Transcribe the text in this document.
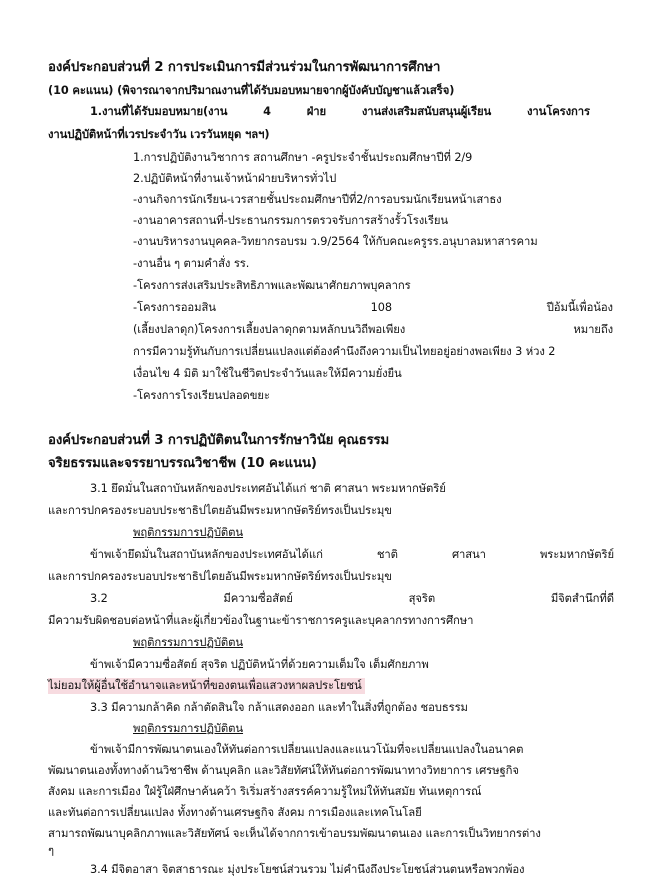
องค์ประกอบส่วนที่ 2 การประเมินการมีส่วนร่วมในการพัฒนาการศึกษา
(10 คะแนน) (พิจารณาจากปริมาณงานที่ได้รับมอบหมายจากผู้บังคับบัญชาแล้วเสร็จ)
1.งานที่ได้รับมอบหมาย(งาน	4	ฝ่าย	งานส่งเสริมสนับสนุนผู้เรียน	งานโครงการ
งานปฏิบัติหน้าที่เวรประจำวัน เวรวันหยุด ฯลฯ)
1.การปฏิบัติงานวิชาการ สถานศึกษา -ครูประจำชั้นประถมศึกษาปีที่ 2/9
2.ปฏิบัติหน้าที่งานเจ้าหน้าฝ่ายบริหารทั่วไป
-งานกิจการนักเรียน-เวรสายชั้นประถมศึกษาปีที่2/การอบรมนักเรียนหน้าเสาธง
-งานอาคารสถานที่-ประธานกรรมการตรวจรับการสร้างรั้วโรงเรียน
-งานบริหารงานบุคคล-วิทยากรอบรม ว.9/2564 ให้กับคณะครูรร.อนุบาลมหาสารคาม
-งานอื่น ๆ ตามคำสั่ง รร.
-โครงการส่งเสริมประสิทธิภาพและพัฒนาศักยภาพบุคลากร
-โครงการออมสิน	108	ปีอ้มนี้เพื่อน้อง
(เลี้ยงปลาดุก)โครงการเลี้ยงปลาดุกตามหลักบนวิถีพอเพียง	หมายถึง
การมีความรู้ทันกับการเปลี่ยนแปลงแต่ต้องคำนึงถึงความเป็นไทยอยู่อย่างพอเพียง 3 ห่วง 2
เงื่อนไข 4 มิติ มาใช้ในชีวิตประจำวันและให้มีความยั่งยืน
-โครงการโรงเรียนปลอดขยะ
องค์ประกอบส่วนที่ 3 การปฏิบัติตนในการรักษาวินัย คุณธรรม
จริยธรรมและจรรยาบรรณวิชาชีพ (10 คะแนน)
3.1 ยึดมั่นในสถาบันหลักของประเทศอันได้แก่ ชาติ ศาสนา พระมหากษัตริย์
และการปกครองระบอบประชาธิปไตยอันมีพระมหากษัตริย์ทรงเป็นประมุข
พฤติกรรมการปฏิบัติตน
ข้าพเจ้ายึดมั่นในสถาบันหลักของประเทศอันได้แก่	ชาติ	ศาสนา	พระมหากษัตริย์
และการปกครองระบอบประชาธิปไตยอันมีพระมหากษัตริย์ทรงเป็นประมุข
3.2	มีความซื่อสัตย์	สุจริต	มีจิตสำนึกที่ดี
มีความรับผิดชอบต่อหน้าที่และผู้เกี่ยวข้องในฐานะข้าราชการครูและบุคลากรทางการศึกษา
พฤติกรรมการปฏิบัติตน
ข้าพเจ้ามีความซื่อสัตย์ สุจริต ปฏิบัติหน้าที่ด้วยความเต็มใจ เต็มศักยภาพ
ไม่ยอมให้ผู้อื่นใช้อำนาจและหน้าที่ของตนเพื่อแสวงหาผลประโยชน์
3.3 มีความกล้าคิด กล้าตัดสินใจ กล้าแสดงออก และทำในสิ่งที่ถูกต้อง ชอบธรรม
พฤติกรรมการปฏิบัติตน
ข้าพเจ้ามีการพัฒนาตนเองให้ทันต่อการเปลี่ยนแปลงและแนวโน้มที่จะเปลี่ยนแปลงในอนาคต
พัฒนาตนเองทั้งทางด้านวิชาชีพ ด้านบุคลิก และวิสัยทัศน์ให้ทันต่อการพัฒนาทางวิทยาการ เศรษฐกิจ
สังคม และการเมือง ใฝ่รู้ใฝ่ศึกษาค้นคว้า ริเริ่มสร้างสรรค์ความรู้ใหม่ให้ทันสมัย ทันเหตุการณ์
และทันต่อการเปลี่ยนแปลง ทั้งทางด้านเศรษฐกิจ สังคม การเมืองและเทคโนโลยี
สามารถพัฒนาบุคลิกภาพและวิสัยทัศน์ จะเห็นได้จากการเข้าอบรมพัฒนาตนเอง และการเป็นวิทยากรต่าง
ๆ
3.4 มีจิตอาสา จิตสาธารณะ มุ่งประโยชน์ส่วนรวม ไม่คำนึงถึงประโยชน์ส่วนตนหรือพวกพ้อง
